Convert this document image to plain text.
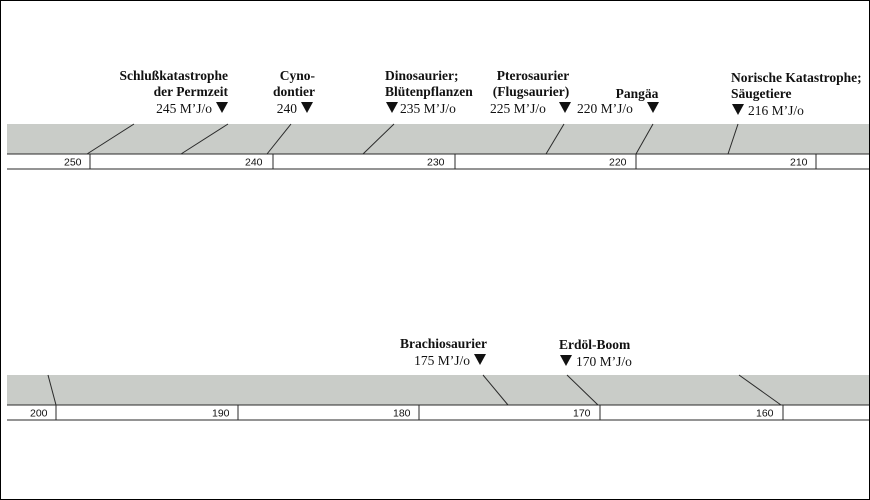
250	240	230	220	210
Schlußkatastrophe
der Permzeit
245 M’J/o
Cyno-
dontier
240
Dinosaurier;
Blütenpflanzen
235 M’J/o
Pterosaurier
(Flugsaurier)
225 M’J/o
Pangäa
220 M’J/o
Norische Katastrophe;
Säugetiere
216 M’J/o
200	190	180	170	160
Brachiosaurier
175 M’J/o
Erdöl-Boom
170 M’J/o
